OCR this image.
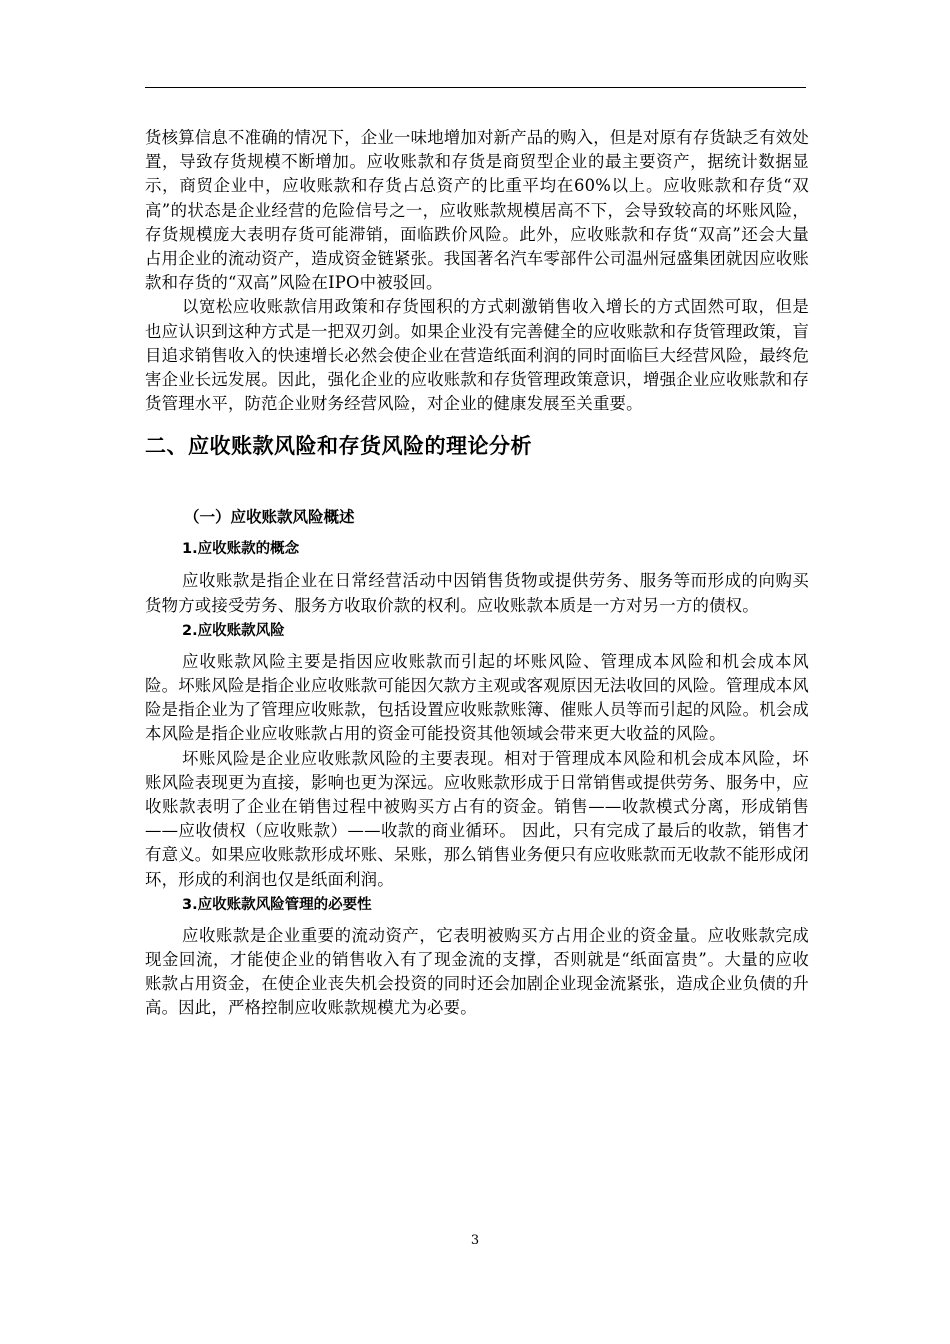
货核算信息不准确的情况下，企业一味地增加对新产品的购入，但是对原有存货缺乏有效处置，导致存货规模不断增加。应收账款和存货是商贸型企业的最主要资产，据统计数据显示，商贸企业中，应收账款和存货占总资产的比重平均在60%以上。应收账款和存货“双高”的状态是企业经营的危险信号之一，应收账款规模居高不下，会导致较高的坏账风险，存货规模庞大表明存货可能滞销，面临跌价风险。此外，应收账款和存货“双高”还会大量占用企业的流动资产，造成资金链紧张。我国著名汽车零部件公司温州冠盛集团就因应收账款和存货的“双高”风险在IPO中被驳回。

以宽松应收账款信用政策和存货囤积的方式刺激销售收入增长的方式固然可取，但是也应认识到这种方式是一把双刃剑。如果企业没有完善健全的应收账款和存货管理政策，盲目追求销售收入的快速增长必然会使企业在营造纸面利润的同时面临巨大经营风险，最终危害企业长远发展。因此，强化企业的应收账款和存货管理政策意识，增强企业应收账款和存货管理水平，防范企业财务经营风险，对企业的健康发展至关重要。

二、应收账款风险和存货风险的理论分析
（一）应收账款风险概述
1.应收账款的概念

应收账款是指企业在日常经营活动中因销售货物或提供劳务、服务等而形成的向购买货物方或接受劳务、服务方收取价款的权利。应收账款本质是一方对另一方的债权。

2.应收账款风险

应收账款风险主要是指因应收账款而引起的坏账风险、管理成本风险和机会成本风险。坏账风险是指企业应收账款可能因欠款方主观或客观原因无法收回的风险。管理成本风险是指企业为了管理应收账款，包括设置应收账款账簿、催账人员等而引起的风险。机会成本风险是指企业应收账款占用的资金可能投资其他领域会带来更大收益的风险。

坏账风险是企业应收账款风险的主要表现。相对于管理成本风险和机会成本风险，坏账风险表现更为直接，影响也更为深远。应收账款形成于日常销售或提供劳务、服务中，应收账款表明了企业在销售过程中被购买方占有的资金。销售——收款模式分离，形成销售——应收债权（应收账款）——收款的商业循环。 因此，只有完成了最后的收款，销售才有意义。如果应收账款形成坏账、呆账，那么销售业务便只有应收账款而无收款不能形成闭环，形成的利润也仅是纸面利润。

3.应收账款风险管理的必要性

应收账款是企业重要的流动资产，它表明被购买方占用企业的资金量。应收账款完成现金回流，才能使企业的销售收入有了现金流的支撑，否则就是“纸面富贵”。大量的应收账款占用资金，在使企业丧失机会投资的同时还会加剧企业现金流紧张，造成企业负债的升高。因此，严格控制应收账款规模尤为必要。

3
